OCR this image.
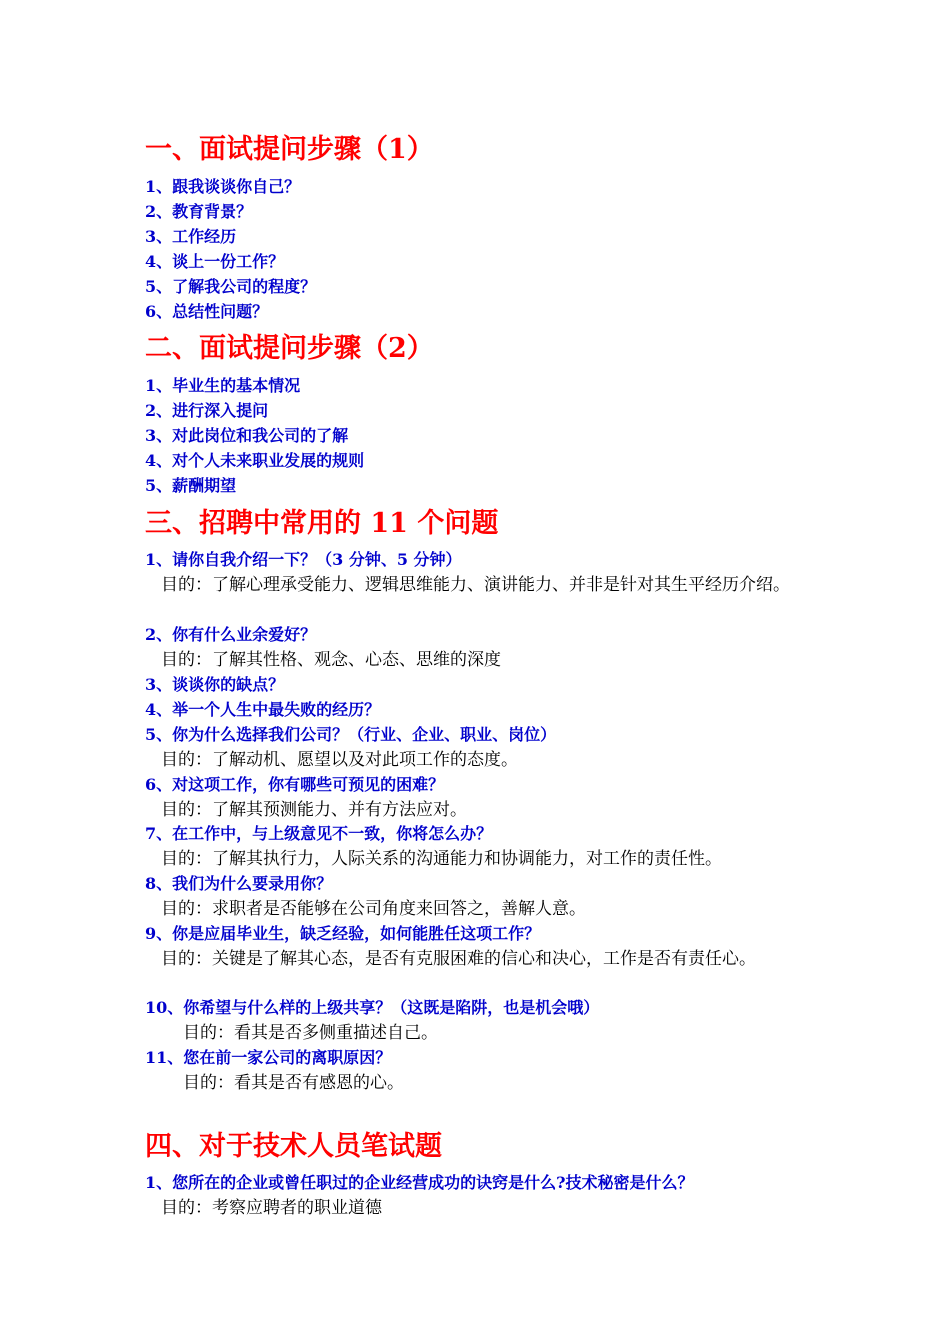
一、面试提问步骤（1）
1、跟我谈谈你自己？
2、教育背景？
3、工作经历
4、谈上一份工作？
5、了解我公司的程度？
6、总结性问题？
二、面试提问步骤（2）
1、毕业生的基本情况
2、进行深入提问
3、对此岗位和我公司的了解
4、对个人未来职业发展的规则
5、薪酬期望
三、招聘中常用的 11 个问题
1、请你自我介绍一下？（3 分钟、5 分钟）

目的：了解心理承受能力、逻辑思维能力、演讲能力、并非是针对其生平经历介绍。

2、你有什么业余爱好？

目的：了解其性格、观念、心态、思维的深度

3、谈谈你的缺点？
4、举一个人生中最失败的经历？
5、你为什么选择我们公司？（行业、企业、职业、岗位）

目的：了解动机、愿望以及对此项工作的态度。

6、对这项工作，你有哪些可预见的困难？

目的：了解其预测能力、并有方法应对。

7、在工作中，与上级意见不一致，你将怎么办？

目的：了解其执行力，人际关系的沟通能力和协调能力，对工作的责任性。

8、我们为什么要录用你？

目的：求职者是否能够在公司角度来回答之，善解人意。

9、你是应届毕业生，缺乏经验，如何能胜任这项工作？

目的：关键是了解其心态，是否有克服困难的信心和决心，工作是否有责任心。

10、你希望与什么样的上级共享？（这既是陷阱，也是机会哦）

目的：看其是否多侧重描述自己。

11、您在前一家公司的离职原因？

目的：看其是否有感恩的心。

四、对于技术人员笔试题
1、您所在的企业或曾任职过的企业经营成功的诀窍是什么?技术秘密是什么？

目的：考察应聘者的职业道德
